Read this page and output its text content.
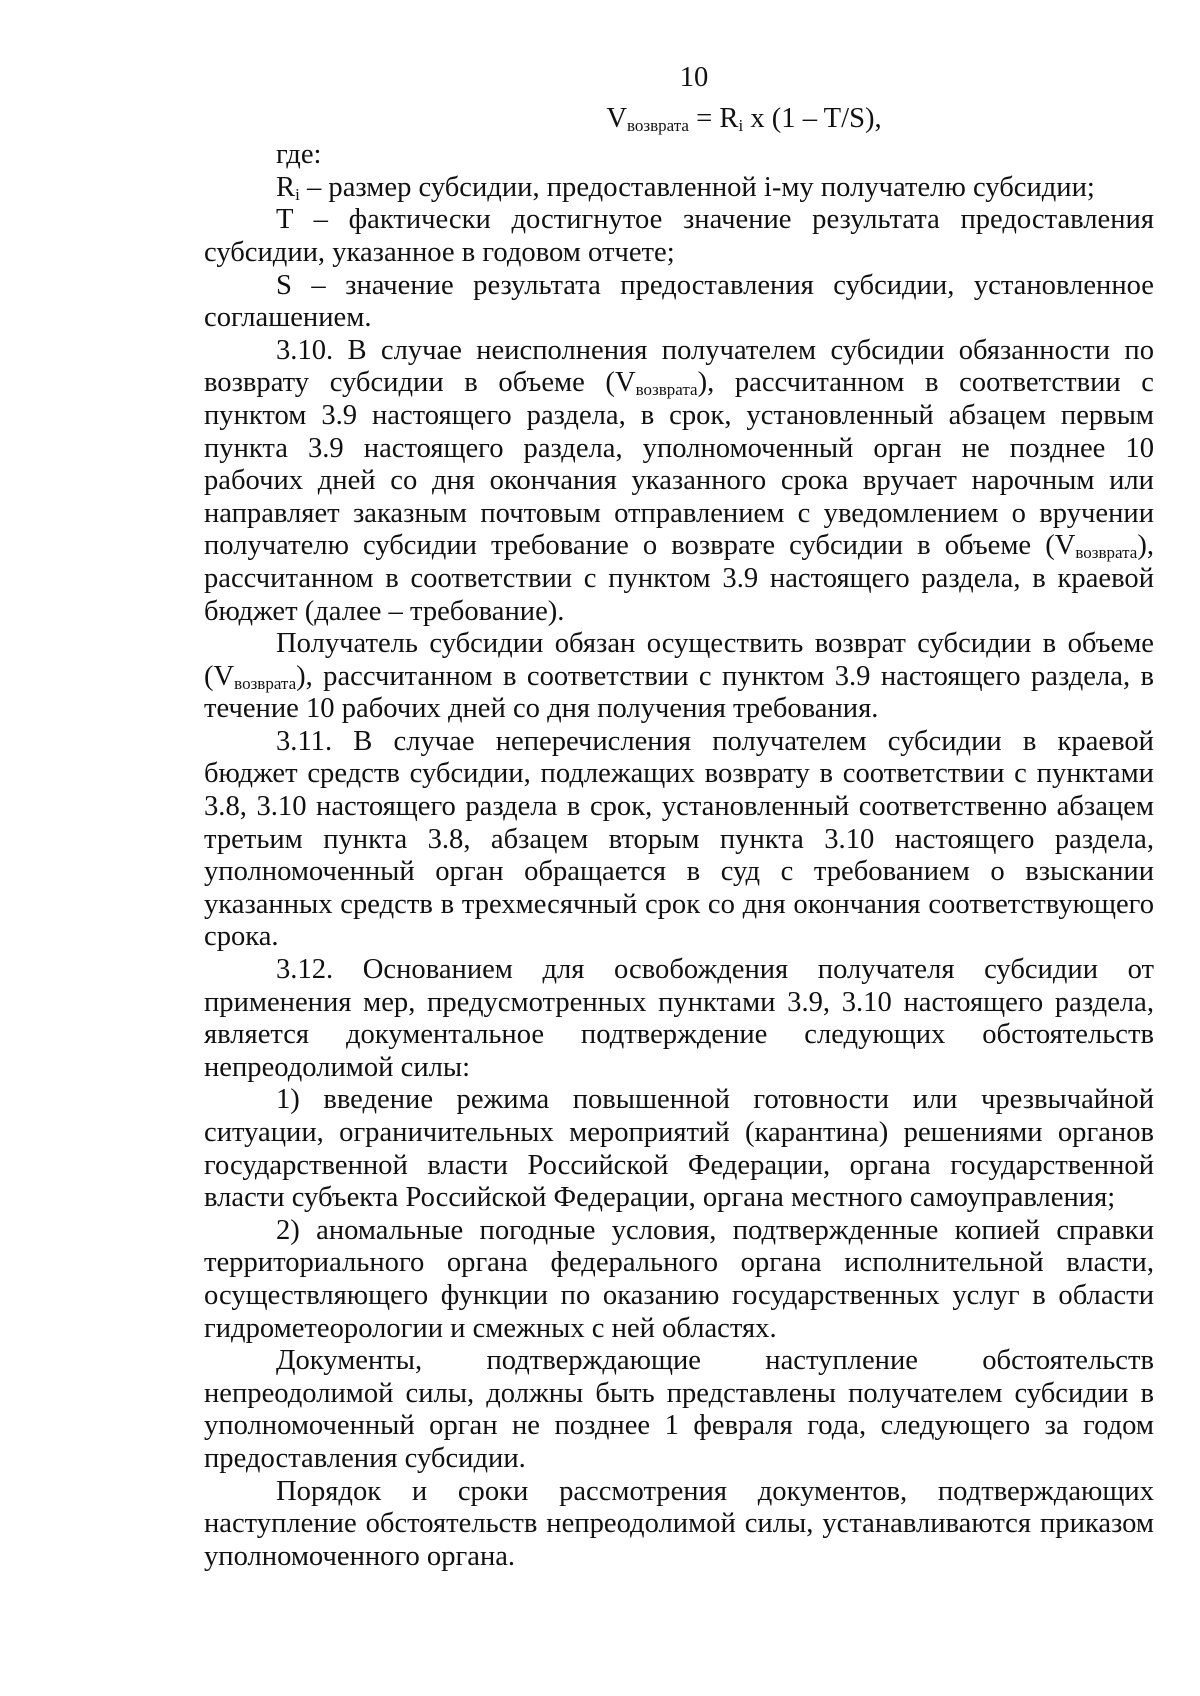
10
$V_{возврата} = R_i$ x (1 – T/S),

где:

$R_i$ – размер субсидии, предоставленной i-му получателю субсидии;

T – фактически достигнутое значение результата предоставления субсидии, указанное в годовом отчете;

S – значение результата предоставления субсидии, установленное соглашением.

3.10. В случае неисполнения получателем субсидии обязанности по возврату субсидии в объеме $(V_{возврата})$, рассчитанном в соответствии с пунктом 3.9 настоящего раздела, в срок, установленный абзацем первым пункта 3.9 настоящего раздела, уполномоченный орган не позднее 10 рабочих дней со дня окончания указанного срока вручает нарочным или направляет заказным почтовым отправлением с уведомлением о вручении получателю субсидии требование о возврате субсидии в объеме $(V_{возврата})$, рассчитанном в соответствии с пунктом 3.9 настоящего раздела, в краевой бюджет (далее – требование).

Получатель субсидии обязан осуществить возврат субсидии в объеме $(V_{возврата})$, рассчитанном в соответствии с пунктом 3.9 настоящего раздела, в течение 10 рабочих дней со дня получения требования.

3.11. В случае неперечисления получателем субсидии в краевой бюджет средств субсидии, подлежащих возврату в соответствии с пунктами 3.8, 3.10 настоящего раздела в срок, установленный соответственно абзацем третьим пункта 3.8, абзацем вторым пункта 3.10 настоящего раздела, уполномоченный орган обращается в суд с требованием о взыскании указанных средств в трехмесячный срок со дня окончания соответствующего срока.

3.12. Основанием для освобождения получателя субсидии от применения мер, предусмотренных пунктами 3.9, 3.10 настоящего раздела, является документальное подтверждение следующих обстоятельств непреодолимой силы:

1) введение режима повышенной готовности или чрезвычайной ситуации, ограничительных мероприятий (карантина) решениями органов государственной власти Российской Федерации, органа государственной власти субъекта Российской Федерации, органа местного самоуправления;

2) аномальные погодные условия, подтвержденные копией справки территориального органа федерального органа исполнительной власти, осуществляющего функции по оказанию государственных услуг в области гидрометеорологии и смежных с ней областях.

Документы, подтверждающие наступление обстоятельств непреодолимой силы, должны быть представлены получателем субсидии в уполномоченный орган не позднее 1 февраля года, следующего за годом предоставления субсидии.

Порядок и сроки рассмотрения документов, подтверждающих наступление обстоятельств непреодолимой силы, устанавливаются приказом уполномоченного органа.
